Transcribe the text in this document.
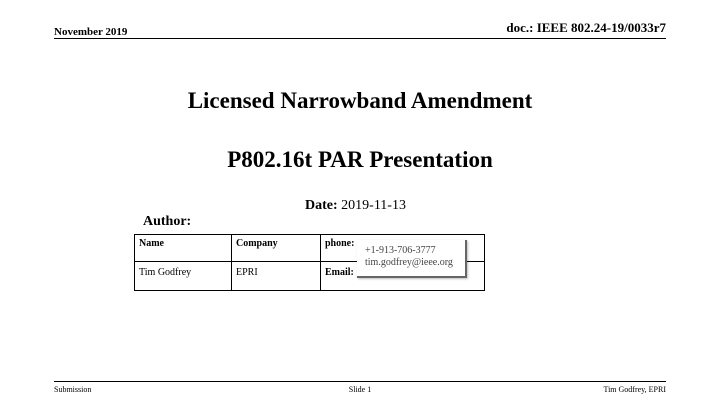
November 2019	doc.: IEEE 802.24-19/0033r7
Licensed Narrowband Amendment
P802.16t PAR Presentation
Date: 2019-11-13
Author:
Name	Company	phone:
Tim Godfrey	EPRI	Email:
+1-913-706-3777
tim.godfrey@ieee.org
Submission	Slide 1	Tim Godfrey, EPRI
